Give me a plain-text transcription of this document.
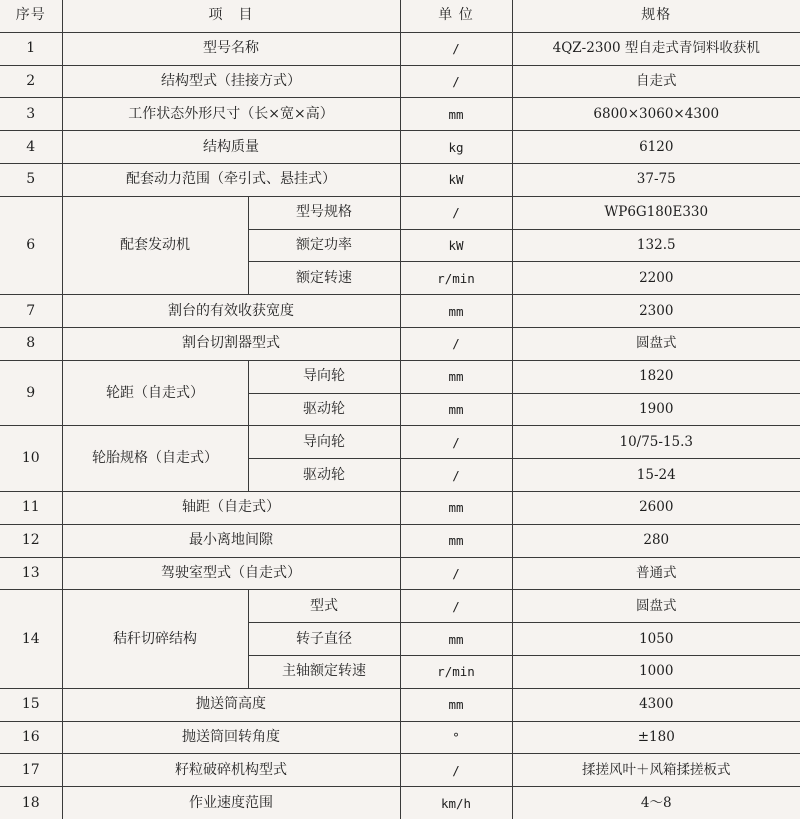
序号	项　目		单 位	规格
1	型号名称		/	4QZ-2300 型自走式青饲料收获机
2	结构型式（挂接方式）		/	自走式
3	工作状态外形尺寸（长×宽×高）		mm	6800×3060×4300
4	结构质量		kg	6120
5	配套动力范围（牵引式、悬挂式）		kW	37-75
6	配套发动机	型号规格	/	WP6G180E330
		额定功率	kW	132.5
		额定转速	r/min	2200
7	割台的有效收获宽度		mm	2300
8	割台切割器型式		/	圆盘式
9	轮距（自走式）	导向轮	mm	1820
		驱动轮	mm	1900
10	轮胎规格（自走式）	导向轮	/	10/75-15.3
		驱动轮	/	15-24
11	轴距（自走式）		mm	2600
12	最小离地间隙		mm	280
13	驾驶室型式（自走式）		/	普通式
14	秸秆切碎结构	型式	/	圆盘式
		转子直径	mm	1050
		主轴额定转速	r/min	1000
15	抛送筒高度		mm	4300
16	抛送筒回转角度		°	±180
17	籽粒破碎机构型式		/	揉搓风叶＋风箱揉搓板式
18	作业速度范围		km/h	4～8
